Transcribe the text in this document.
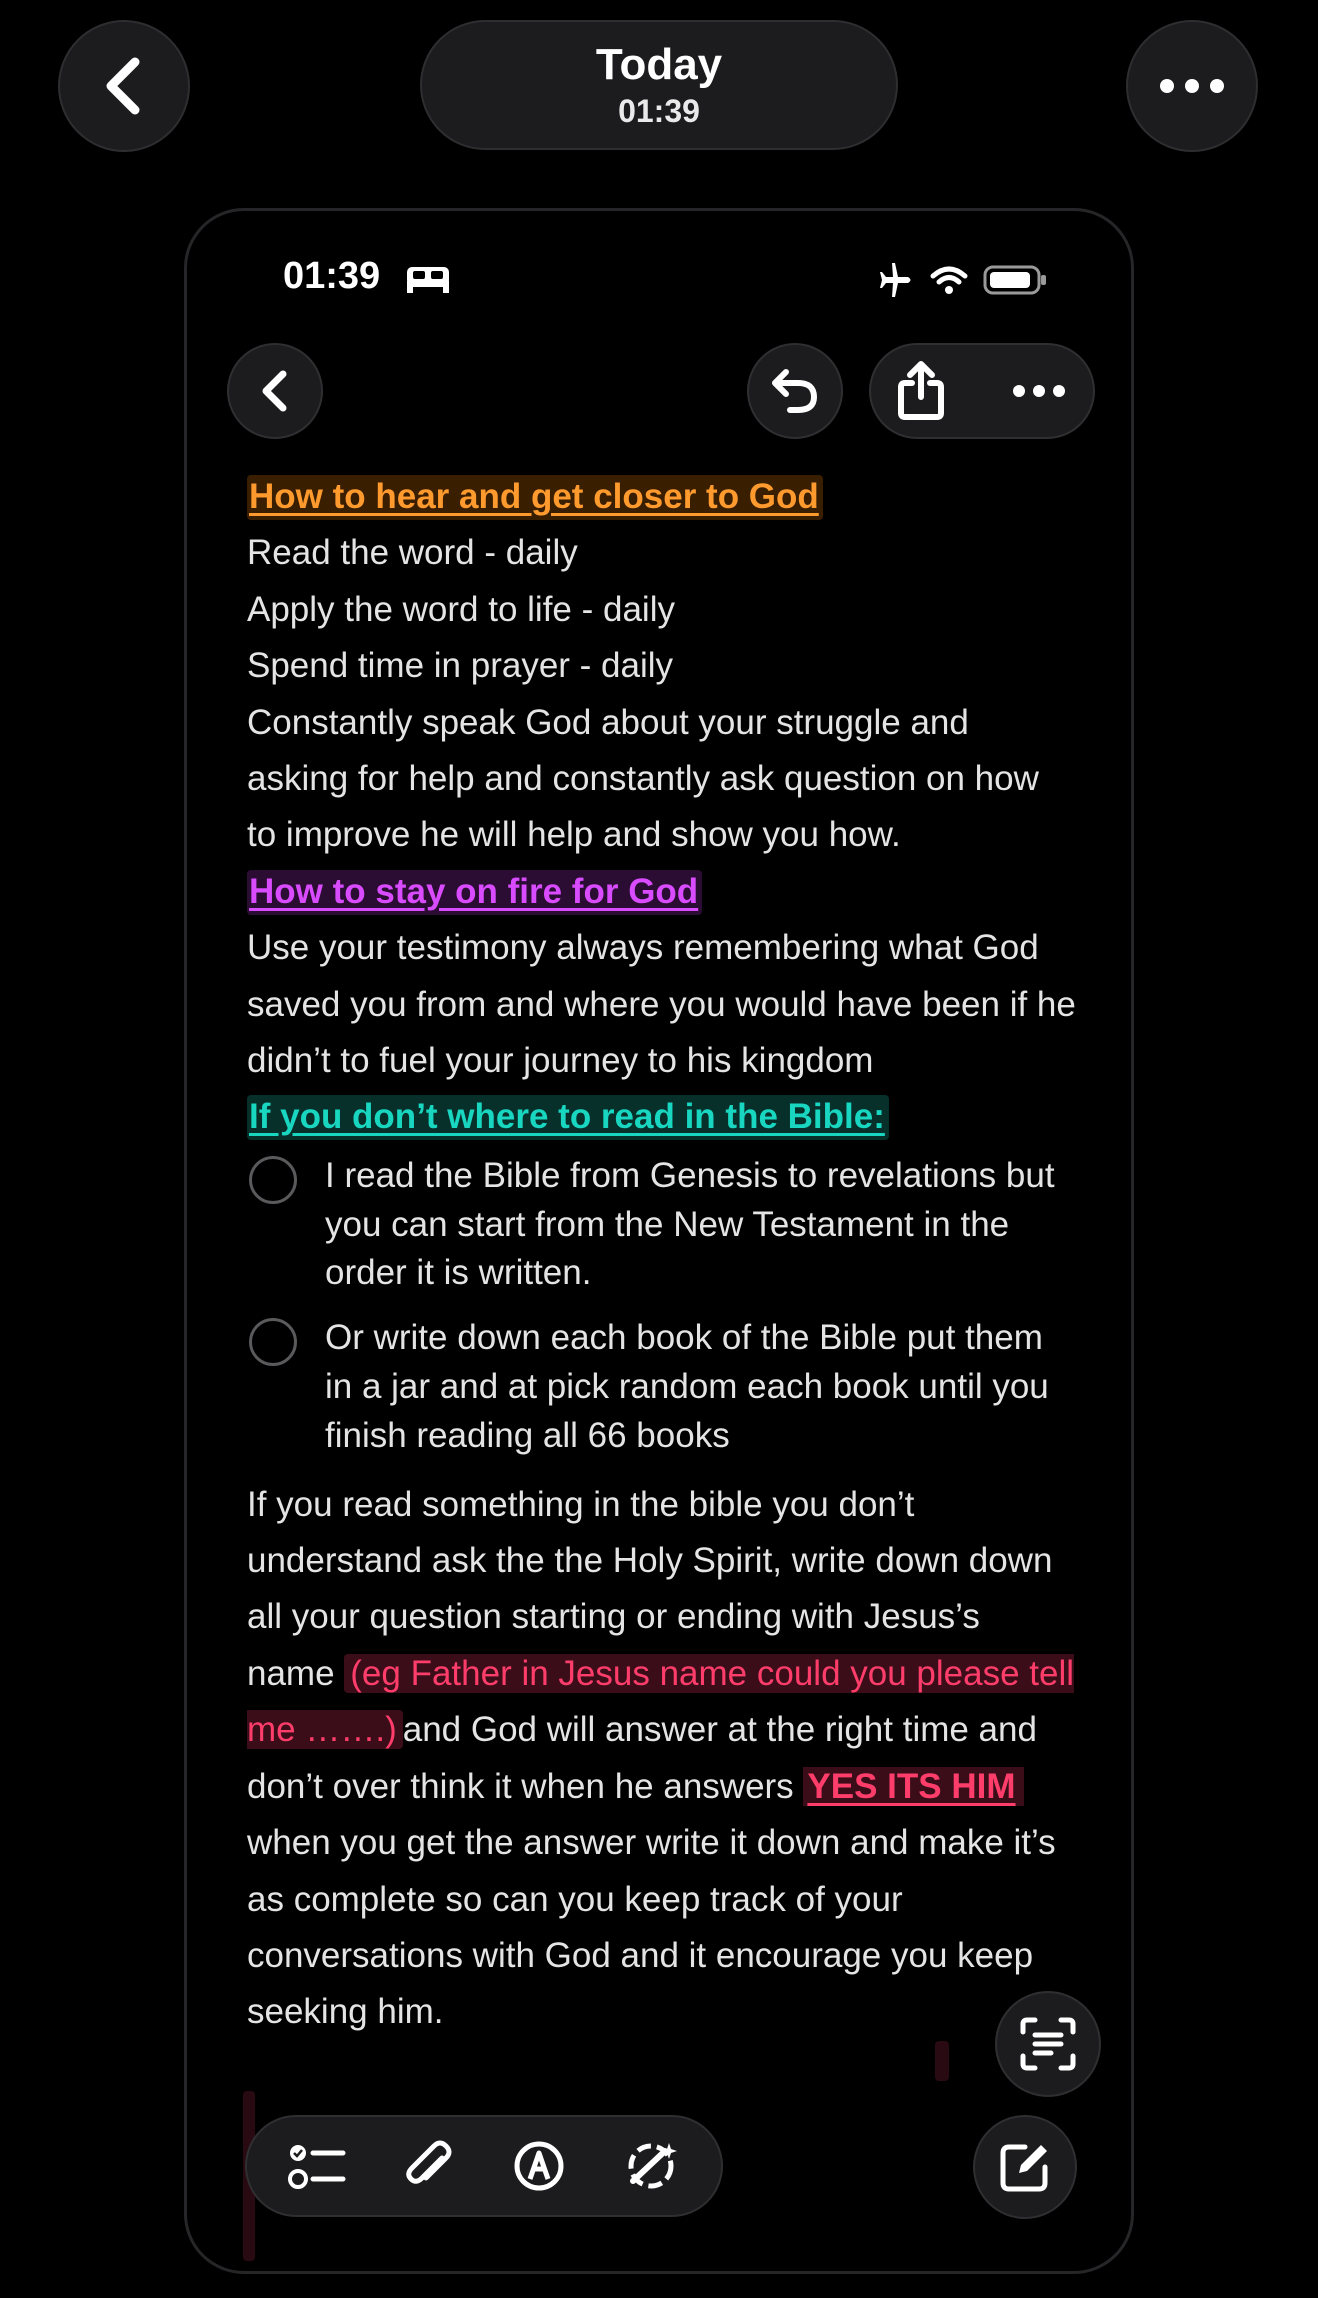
Today
01:39
01:39
How to hear and get closer to God
Read the word - daily
Apply the word to life - daily
Spend time in prayer - daily
Constantly speak God about your struggle and asking for help and constantly ask question on how to improve he will help and show you how.
How to stay on fire for God
Use your testimony always remembering what God saved you from and where you would have been if he didn’t to fuel your journey to his kingdom
If you don’t where to read in the Bible:
I read the Bible from Genesis to revelations but you can start from the New Testament in the order it is written.
Or write down each book of the Bible put them in a jar and at pick random each book until you finish reading all 66 books
If you read something in the bible you don’t understand ask the the Holy Spirit, write down down all your question starting or ending with Jesus’s name (eg Father in Jesus name could you please tell me …….) and God will answer at the right time and don’t over think it when he answers YES ITS HIM when you get the answer write it down and make it’s as complete so can you keep track of your conversations with God and it encourage you keep seeking him.
